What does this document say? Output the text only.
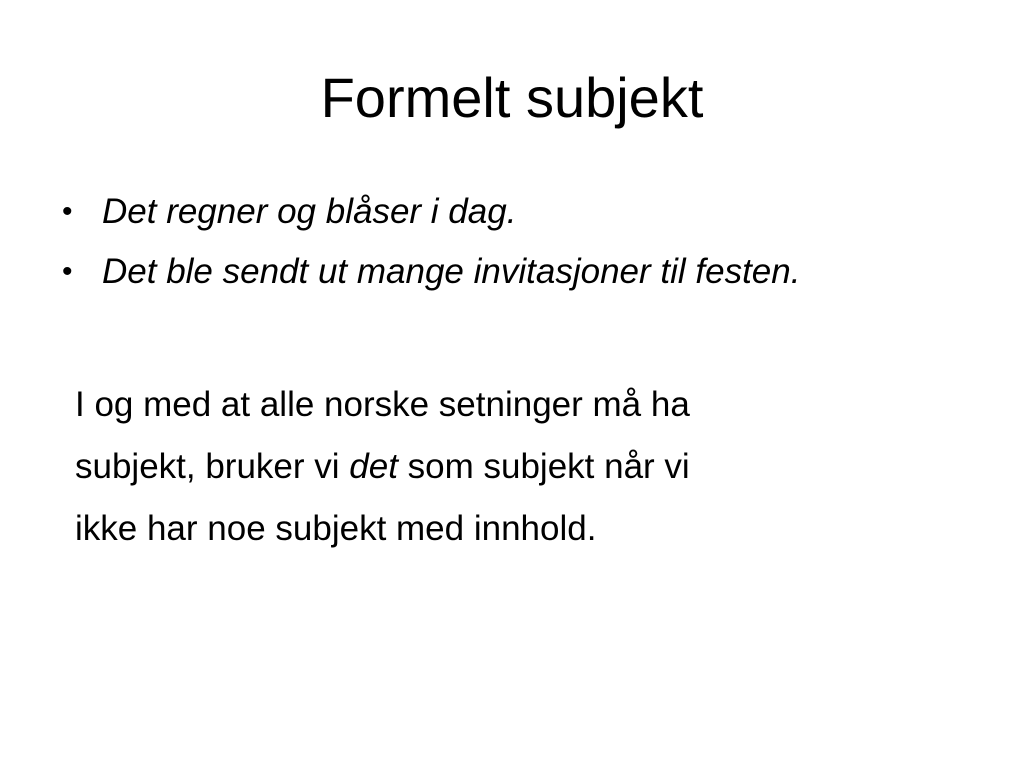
Formelt subjekt
• Det regner og blåser i dag.
• Det ble sendt ut mange invitasjoner til festen.

I og med at alle norske setninger må ha
subjekt, bruker vi det som subjekt når vi
ikke har noe subjekt med innhold.
